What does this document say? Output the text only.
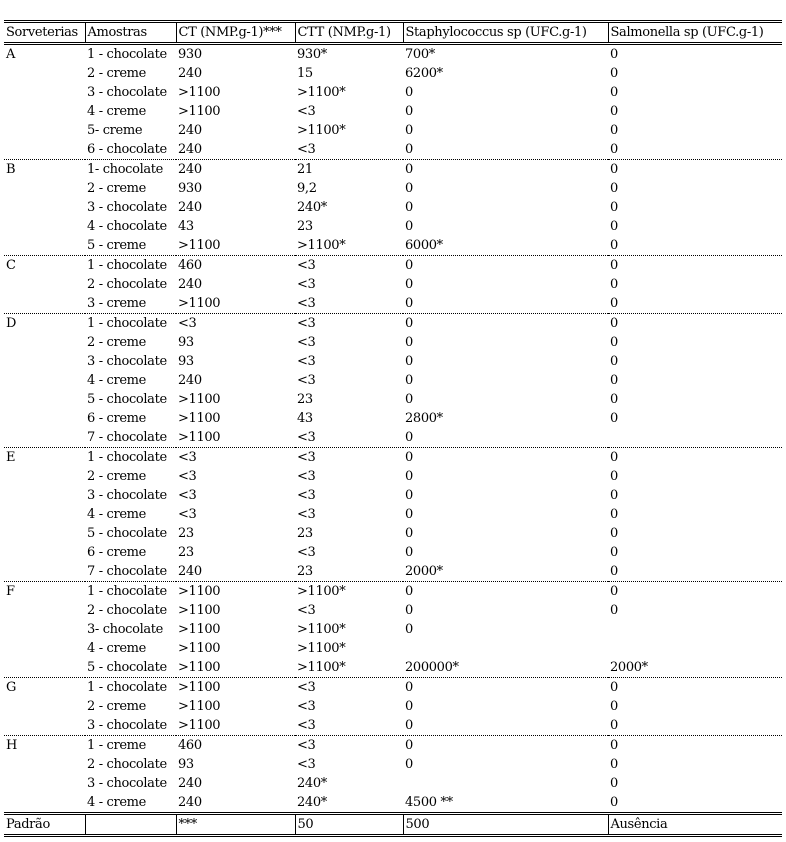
Sorveterias	Amostras	CT (NMP.g-1)***	CTT (NMP.g-1)	Staphylococcus sp (UFC.g-1)	Salmonella sp (UFC.g-1)
A	1 - chocolate	930	930*	700*	0
	2 - creme	240	15	6200*	0
	3 - chocolate	>1100	>1100*	0	0
	4 - creme	>1100	<3	0	0
	5- creme	240	>1100*	0	0
	6 - chocolate	240	<3	0	0
B	1- chocolate	240	21	0	0
	2 - creme	930	9,2	0	0
	3 - chocolate	240	240*	0	0
	4 - chocolate	43	23	0	0
	5 - creme	>1100	>1100*	6000*	0
C	1 - chocolate	460	<3	0	0
	2 - chocolate	240	<3	0	0
	3 - creme	>1100	<3	0	0
D	1 - chocolate	<3	<3	0	0
	2 - creme	93	<3	0	0
	3 - chocolate	93	<3	0	0
	4 - creme	240	<3	0	0
	5 - chocolate	>1100	23	0	0
	6 - creme	>1100	43	2800*	0
	7 - chocolate	>1100	<3	0	
E	1 - chocolate	<3	<3	0	0
	2 - creme	<3	<3	0	0
	3 - chocolate	<3	<3	0	0
	4 - creme	<3	<3	0	0
	5 - chocolate	23	23	0	0
	6 - creme	23	<3	0	0
	7 - chocolate	240	23	2000*	0
F	1 - chocolate	>1100	>1100*	0	0
	2 - chocolate	>1100	<3	0	0
	3- chocolate	>1100	>1100*	0	
	4 - creme	>1100	>1100*		
	5 - chocolate	>1100	>1100*	200000*	2000*
G	1 - chocolate	>1100	<3	0	0
	2 - creme	>1100	<3	0	0
	3 - chocolate	>1100	<3	0	0
H	1 - creme	460	<3	0	0
	2 - chocolate	93	<3	0	0
	3 - chocolate	240	240*		0
	4 - creme	240	240*	4500 **	0
Padrão		***	50	500	Ausência
